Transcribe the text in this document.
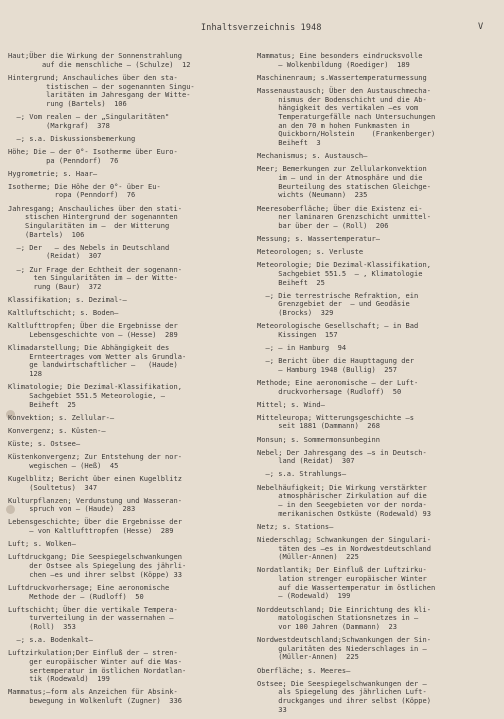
Inhaltsverzeichnis 1948	V
Haut;Über die Wirkung der Sonnenstrahlung
auf die menschliche — (Schulze)  12
Hintergrund; Anschauliches über den sta-
tistischen — der sogenannten Singu-
laritäten im Jahresgang der Witte-
rung (Bartels)  106
—; Vom realen — der „Singularitäten"
(Markgraf)  378
—; s.a. Diskussionsbemerkung
Höhe; Die — der 0°- Isotherme über Euro-
pa (Penndorf)  76
Hygrometrie; s. Haar—
Isotherme; Die Höhe der 0°- über Eu-
ropa (Penndorf)  76
Jahresgang; Anschauliches über den stati-
stischen Hintergrund der sogenannten
Singularitäten im —  der Witterung
(Bartels)  106
—; Der   — des Nebels in Deutschland
(Reidat)  307
—; Zur Frage der Echtheit der sogenann-
ten Singularitäten im — der Witte-
rung (Baur)  372
Klassifikation; s. Dezimal-—
Kaltluftschicht; s. Boden—
Kaltlufttropfen; Über die Ergebnisse der
Lebensgeschichte von — (Hesse)  289
Klimadarstellung; Die Abhängigkeit des
Ernteertrages vom Wetter als Grundla-
ge landwirtschaftlicher —   (Haude)
128
Klimatologie; Die Dezimal-Klassifikation,
Sachgebiet 551.5 Meteorologie, —
Beiheft  25
Konvektion; s. Zellular-—
Konvergenz; s. Küsten-—
Küste; s. Ostsee—
Küstenkonvergenz; Zur Entstehung der nor-
wegischen — (Heß)  45
Kugelblitz; Bericht über einen Kugelblitz
(Soultetus)  347
Kulturpflanzen; Verdunstung und Wasseran-
spruch von — (Haude)  283
Lebensgeschichte; Über die Ergebnisse der
— von Kaltlufttropfen (Hesse)  289
Luft; s. Wolken—
Luftdruckgang; Die Seespiegelschwankungen
der Ostsee als Spiegelung des jährli-
chen —es und ihrer selbst (Köppe) 33
Luftdruckvorhersage; Eine aeronomische
Methode der — (Rudloff)  50
Luftschicht; Über die vertikale Tempera-
turverteilung in der wassernahen —
(Roll)  353
—; s.a. Bodenkalt—
Luftzirkulation;Der Einfluß der — stren-
ger europäischer Winter auf die Was-
sertemperatur im östlichen Nordatlan-
tik (Rodewald)  199
Mammatus;—form als Anzeichen für Absink-
bewegung in Wolkenluft (Zugner)  336
Mammatus; Eine besonders eindrucksvolle
— Wolkenbildung (Roediger)  189
Maschinenraum; s.Wassertemperaturmessung
Massenaustausch; Über den Austauschmecha-
nismus der Bodenschicht und die Ab-
hängigkeit des vertikalen —es vom
Temperaturgefälle nach Untersuchungen
an den 70 m hohen Funkmasten in
Quickborn/Holstein    (Frankenberger)
Beiheft  3
Mechanismus; s. Austausch—
Meer; Bemerkungen zur Zellularkonvektion
im — und in der Atmosphäre und die
Beurteilung des statischen Gleichge-
wichts (Neumann)  235
Meeresoberfläche; Über die Existenz ei-
ner laminaren Grenzschicht unmittel-
bar über der — (Roll)  206
Messung; s. Wassertemperatur—
Meteorologen; s. Verluste
Meteorologie; Die Dezimal-Klassifikation,
Sachgebiet 551.5  — , Klimatologie
Beiheft  25
—; Die terrestrische Refraktion, ein
Grenzgebiet der  — und Geodäsie
(Brocks)  329
Meteorologische Gesellschaft; — in Bad
Kissingen  157
—; — in Hamburg  94
—; Bericht über die Haupttagung der
— Hamburg 1948 (Bullig)  257
Methode; Eine aeronomische — der Luft-
druckvorhersage (Rudloff)  50
Mittel; s. Wind—
Mitteleuropa; Witterungsgeschichte —s
seit 1881 (Dammann)  268
Monsun; s. Sommermonsunbeginn
Nebel; Der Jahresgang des —s in Deutsch-
land (Reidat)  307
—; s.a. Strahlungs—
Nebelhäufigkeit; Die Wirkung verstärkter
atmosphärischer Zirkulation auf die
— in den Seegebieten vor der norda-
merikanischen Ostküste (Rodewald) 93
Netz; s. Stations—
Niederschlag; Schwankungen der Singulari-
täten des —es in Nordwestdeutschland
(Müller-Annen)  225
Nordatlantik; Der Einfluß der Luftzirku-
lation strenger europäischer Winter
auf die Wassertemperatur im östlichen
— (Rodewald)  199
Norddeutschland; Die Einrichtung des kli-
matologischen Stationsnetzes in —
vor 100 Jahren (Dammann)  23
Nordwestdeutschland;Schwankungen der Sin-
gularitäten des Niederschlages in —
(Müller-Annen)  225
Oberfläche; s. Meeres—
Ostsee; Die Seespiegelschwankungen der —
als Spiegelung des jährlichen Luft-
druckganges und ihrer selbst (Köppe)
33
